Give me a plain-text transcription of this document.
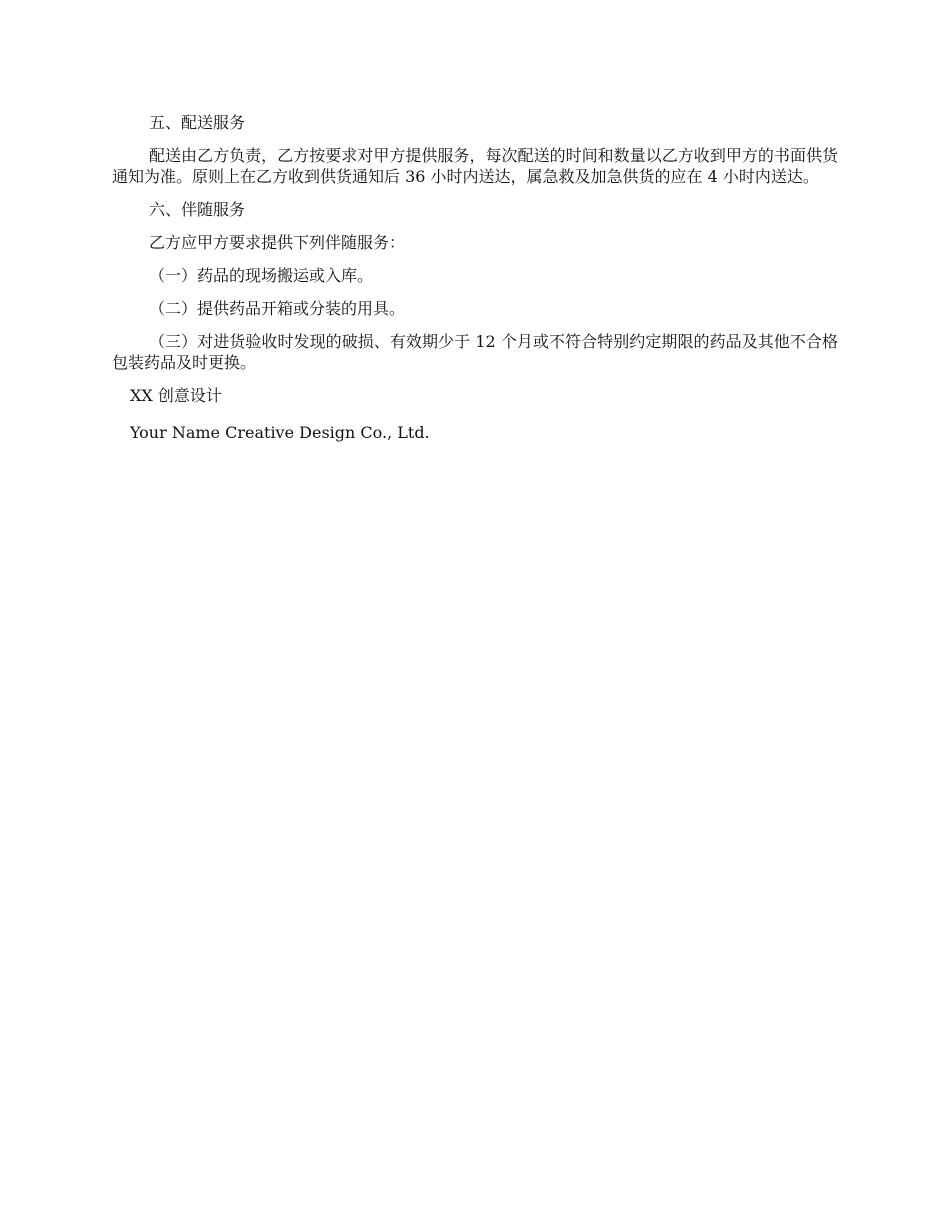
五、配送服务

配送由乙方负责，乙方按要求对甲方提供服务，每次配送的时间和数量以乙方收到甲方的书面供货通知为准。原则上在乙方收到供货通知后 36 小时内送达，属急救及加急供货的应在 4 小时内送达。

六、伴随服务

乙方应甲方要求提供下列伴随服务：

（一）药品的现场搬运或入库。

（二）提供药品开箱或分装的用具。

（三）对进货验收时发现的破损、有效期少于 12 个月或不符合特别约定期限的药品及其他不合格包装药品及时更换。

XX 创意设计

Your Name Creative Design Co., Ltd.
